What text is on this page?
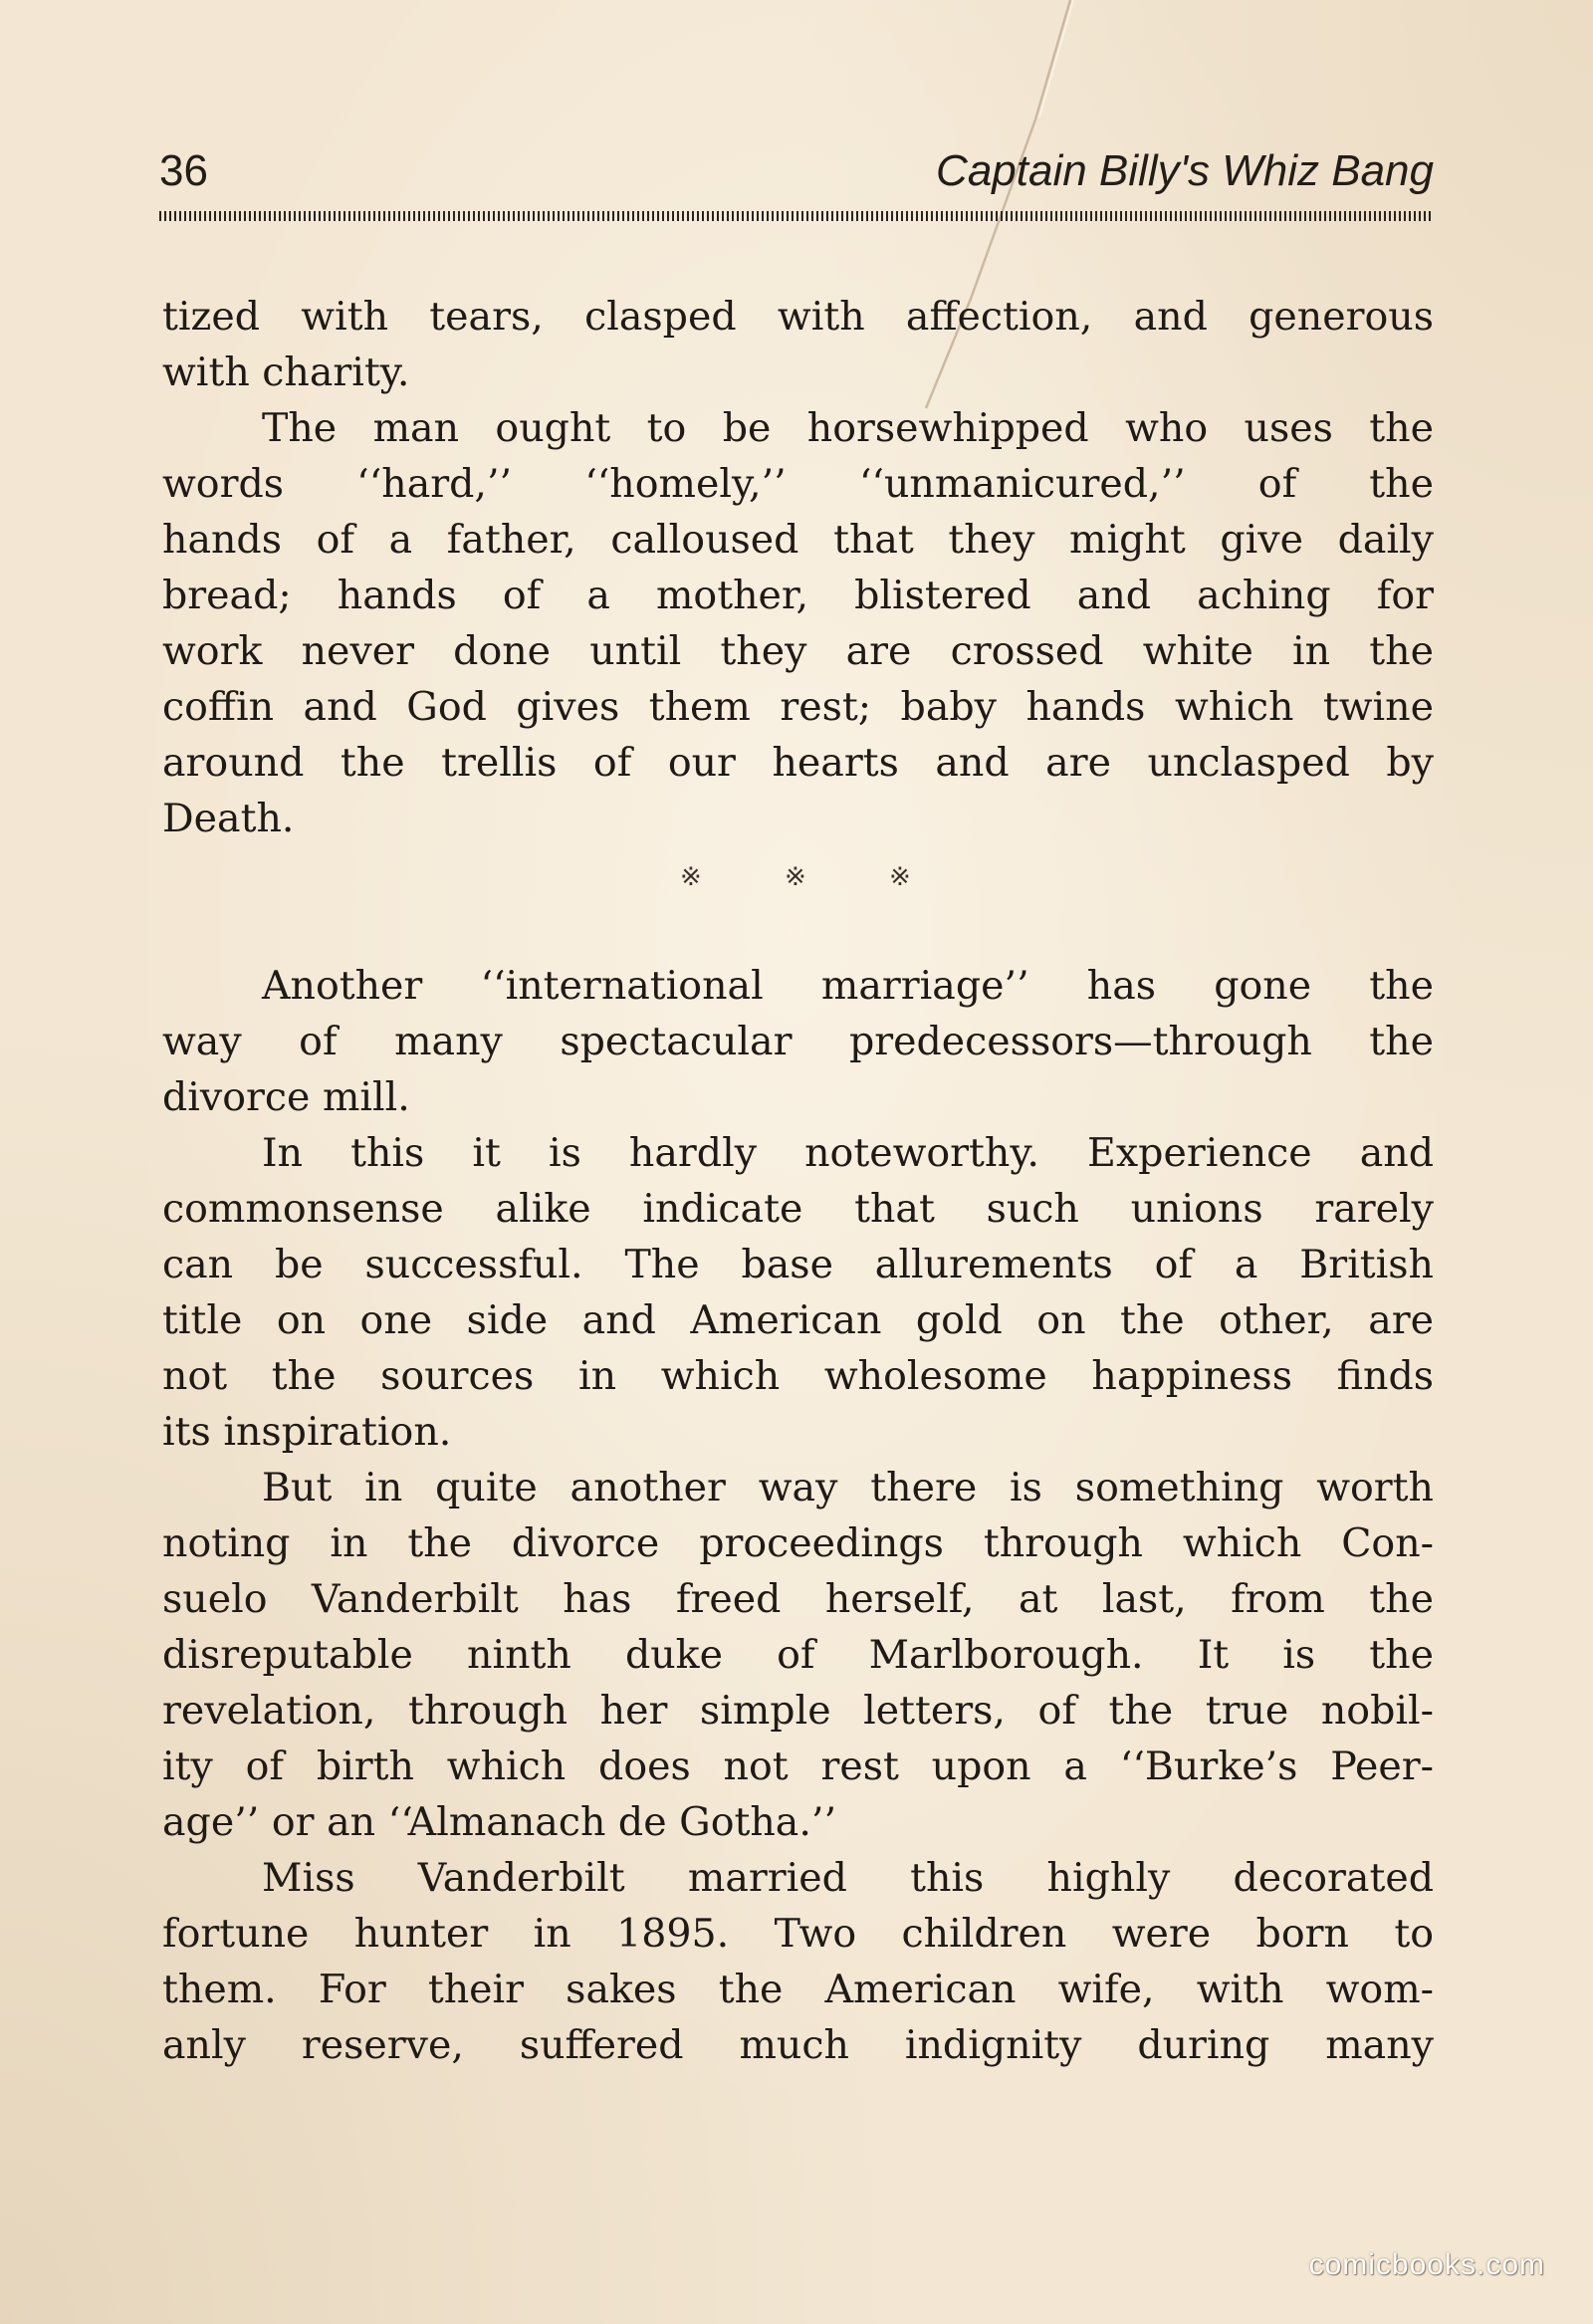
36	Captain Billy's Whiz Bang

tized with tears, clasped with affection, and generous

with charity.

The man ought to be horsewhipped who uses the

words ‘‘hard,’’ ‘‘homely,’’ ‘‘unmanicured,’’ of the

hands of a father, calloused that they might give daily

bread; hands of a mother, blistered and aching for

work never done until they are crossed white in the

coffin and God gives them rest; baby hands which twine

around the trellis of our hearts and are unclasped by

Death.

※	※	※

Another ‘‘international marriage’’ has gone the

way of many spectacular predecessors—through the

divorce mill.

In this it is hardly noteworthy. Experience and

commonsense alike indicate that such unions rarely

can be successful. The base allurements of a British

title on one side and American gold on the other, are

not the sources in which wholesome happiness finds

its inspiration.

But in quite another way there is something worth

noting in the divorce proceedings through which Con-

suelo Vanderbilt has freed herself, at last, from the

disreputable ninth duke of Marlborough. It is the

revelation, through her simple letters, of the true nobil-

ity of birth which does not rest upon a ‘‘Burke’s Peer-

age’’ or an ‘‘Almanach de Gotha.’’

Miss Vanderbilt married this highly decorated

fortune hunter in 1895. Two children were born to

them. For their sakes the American wife, with wom-

anly reserve, suffered much indignity during many

comicbooks.com
